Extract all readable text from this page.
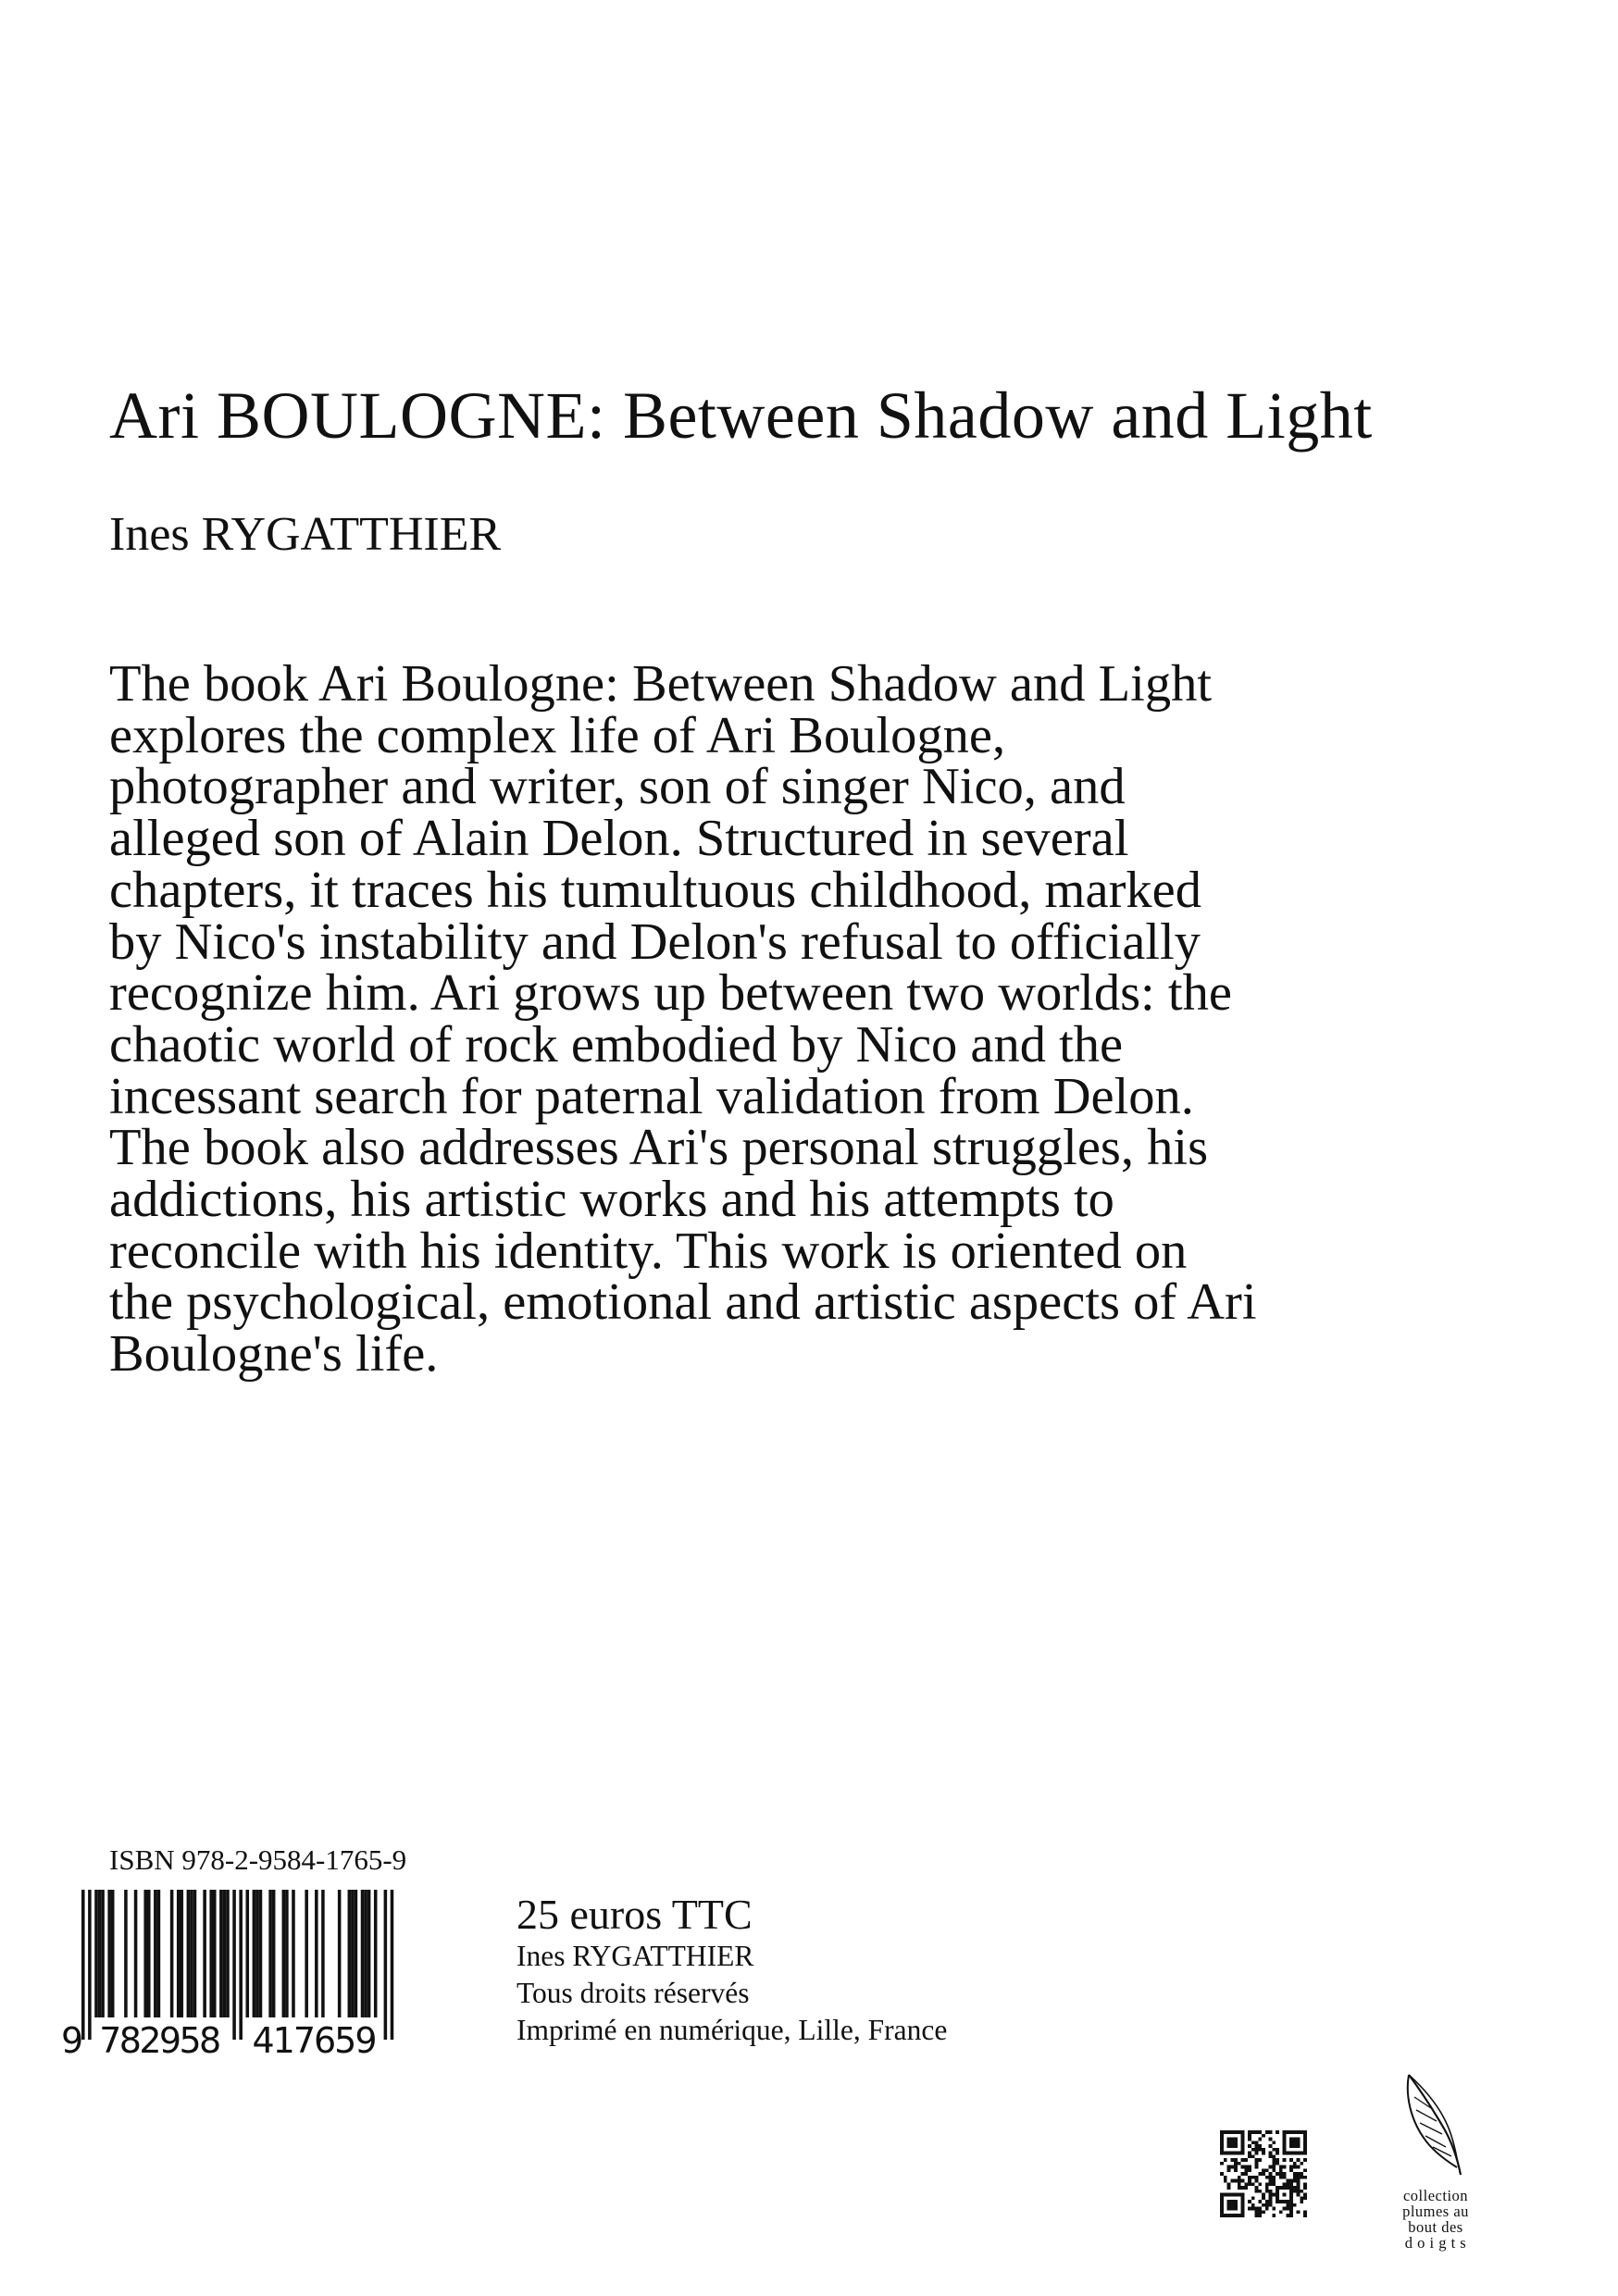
Ari BOULOGNE: Between Shadow and Light
Ines RYGATTHIER

The book Ari Boulogne: Between Shadow and Light explores the complex life of Ari Boulogne, photographer and writer, son of singer Nico, and alleged son of Alain Delon. Structured in several chapters, it traces his tumultuous childhood, marked by Nico's instability and Delon's refusal to officially recognize him. Ari grows up between two worlds: the chaotic world of rock embodied by Nico and the incessant search for paternal validation from Delon. The book also addresses Ari's personal struggles, his addictions, his artistic works and his attempts to reconcile with his identity. This work is oriented on the psychological, emotional and artistic aspects of Ari Boulogne's life.

ISBN 978-2-9584-1765-9
9 782958 417659
25 euros TTC
Ines RYGATTHIER
Tous droits réservés
Imprimé en numérique, Lille, France
collection
plumes au
bout des
d o i g t s
